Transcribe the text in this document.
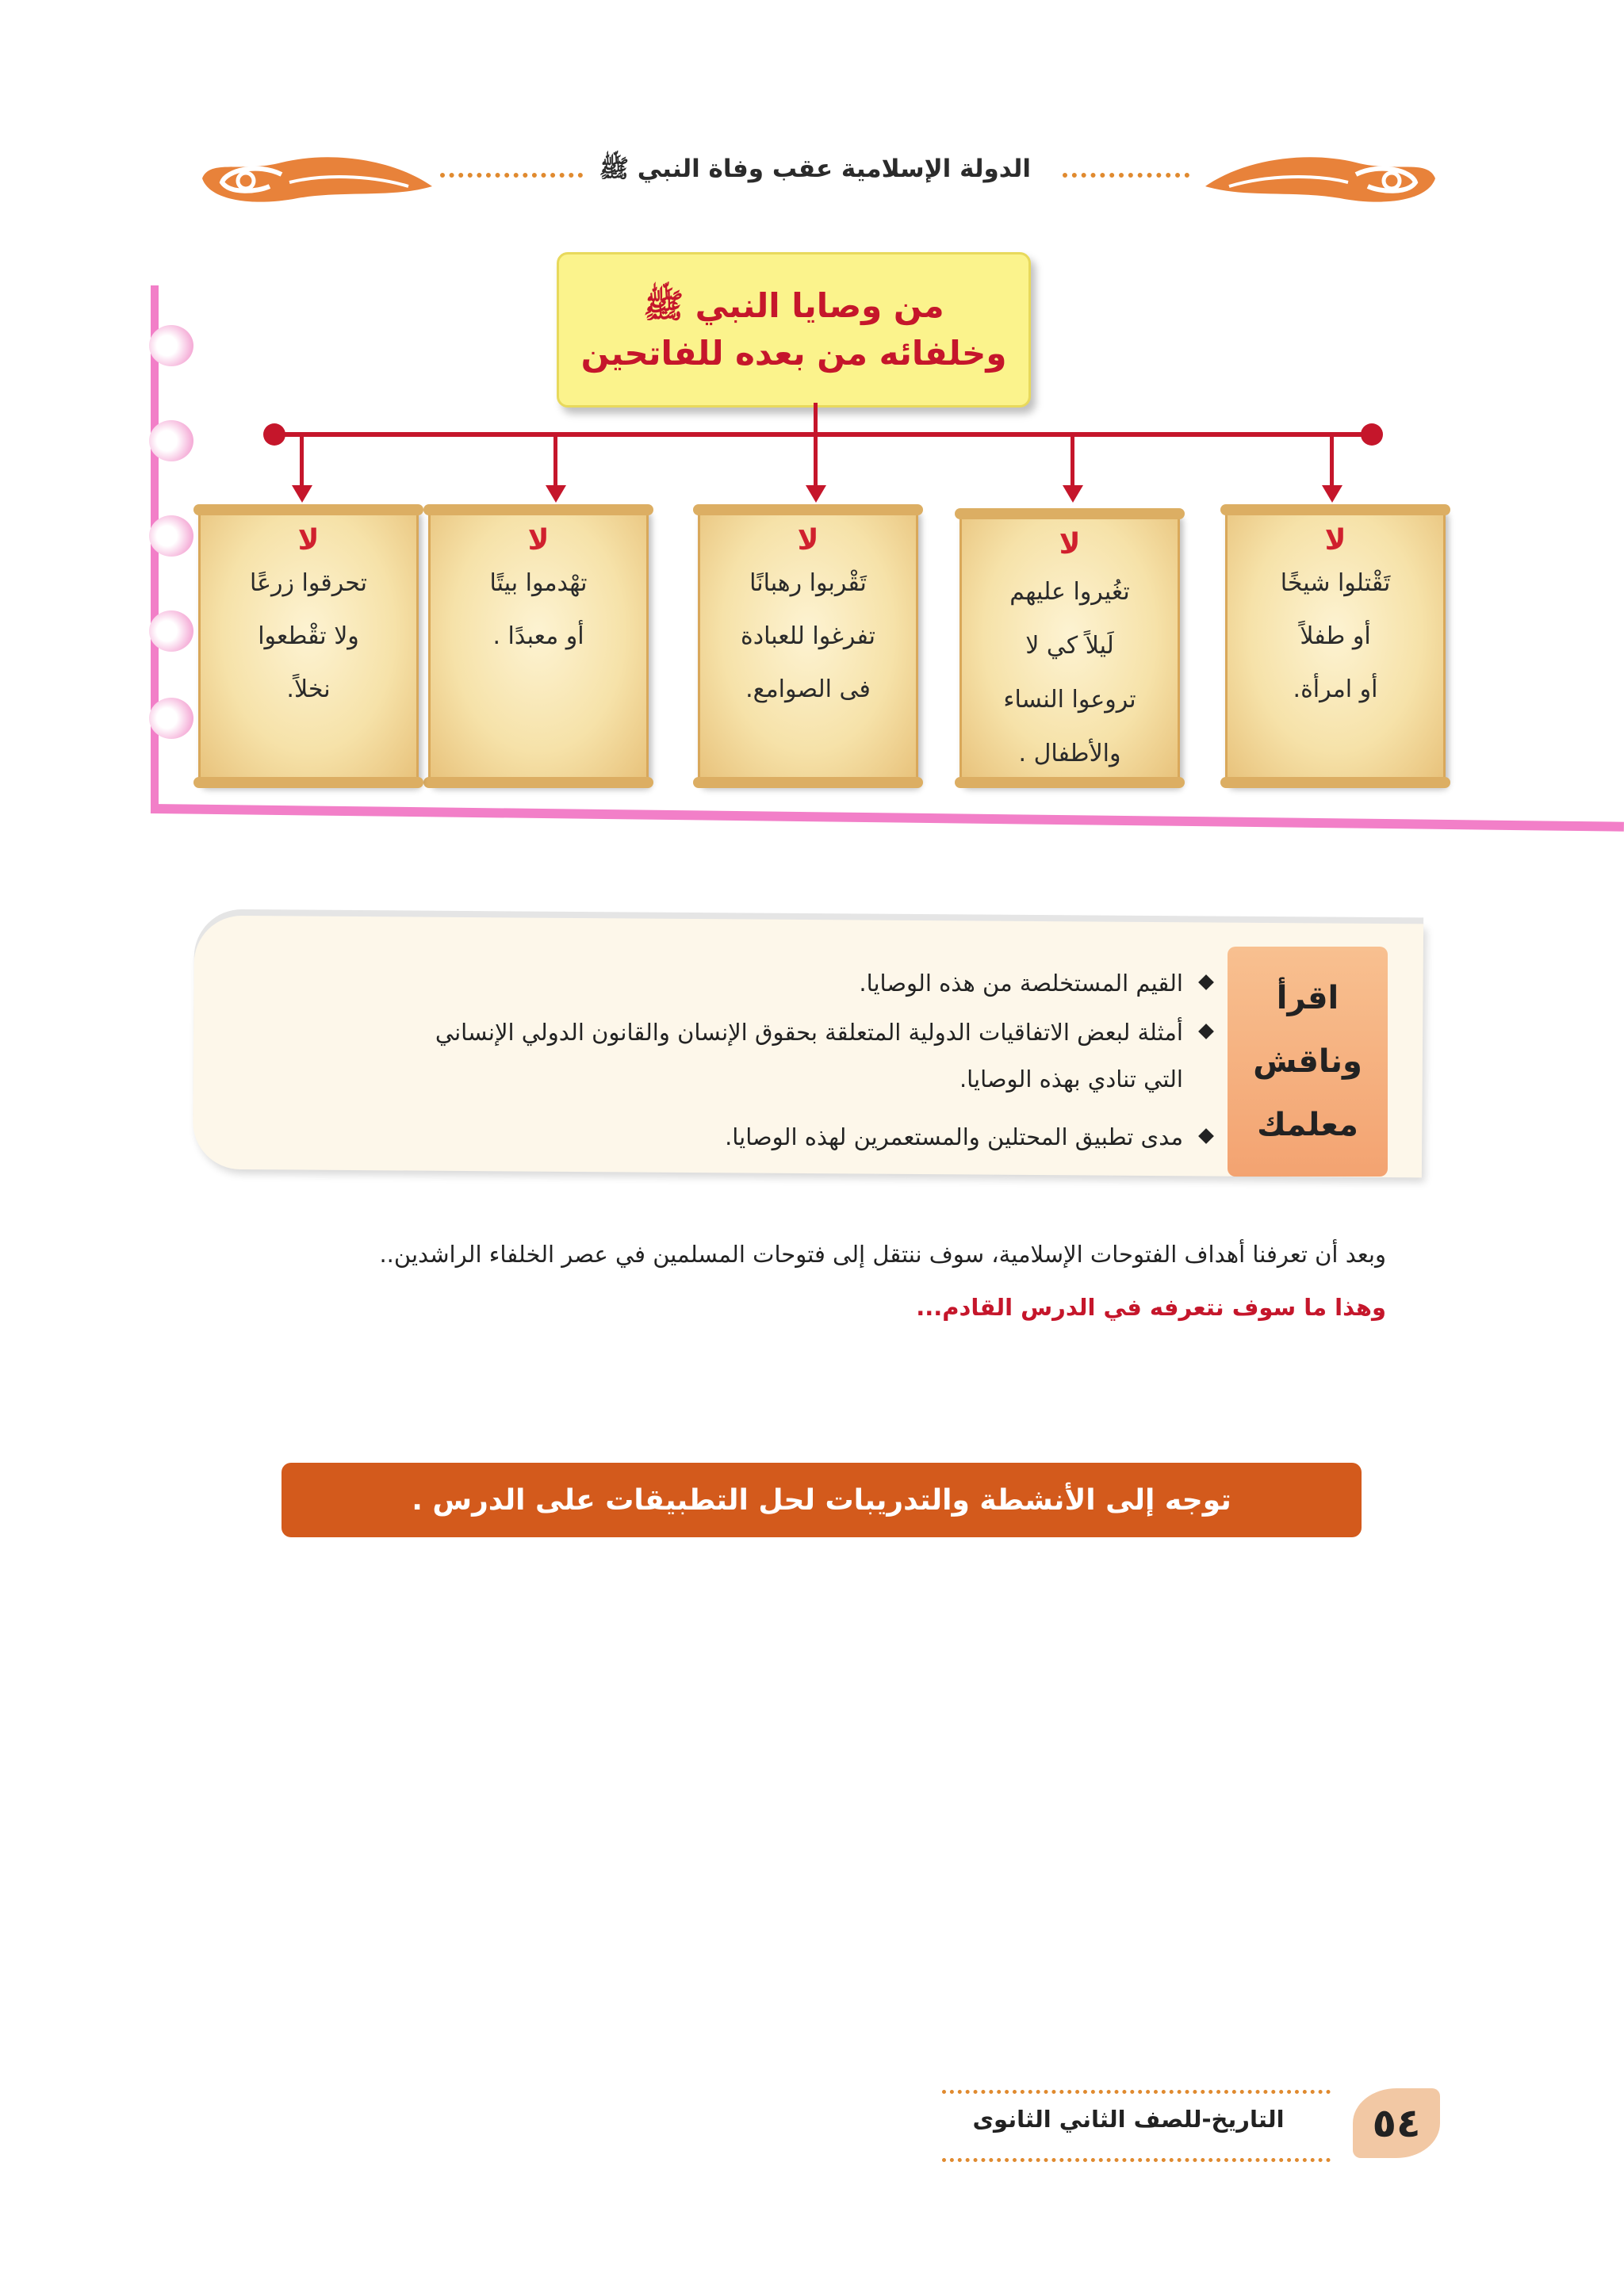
الدولة الإسلامية عقب وفاة النبي ﷺ
من وصايا النبي ﷺ
وخلفائه من بعده للفاتحين
لا
تَقْتلوا شيخًا
أو طفلاً
أو امرأة.
لا
تغُيروا عليهم
لَيلاً كي لا
تروعوا النساء
والأطفال .
لا
تَقْربوا رهبانًا
تفرغوا للعبادة
فى الصوامع.
لا
تهْدموا بيتًا
أو معبدًا .
لا
تحرقوا زرعًا
ولا تقْطعوا
نخلاً.
اقرأ
وناقش
معلمك
القيم المستخلصة من هذه الوصايا.
أمثلة لبعض الاتفاقيات الدولية المتعلقة بحقوق الإنسان والقانون الدولي الإنساني
التي تنادي بهذه الوصايا.
مدى تطبيق المحتلين والمستعمرين لهذه الوصايا.
وبعد أن تعرفنا أهداف الفتوحات الإسلامية، سوف ننتقل إلى فتوحات المسلمين في عصر الخلفاء الراشدين..
وهذا ما سوف نتعرفه في الدرس القادم...
توجه إلى الأنشطة والتدريبات لحل التطبيقات على الدرس .
التاريخ-للصف الثاني الثانوى	٥٤
